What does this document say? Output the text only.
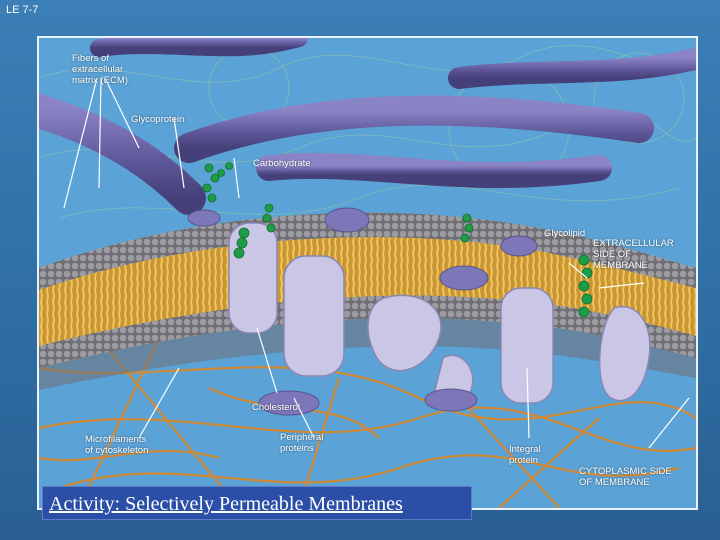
LE 7-7
Fibers of
extracellular
matrix (ECM)
Glycoprotein
Carbohydrate
Glycolipid
EXTRACELLULAR
SIDE OF
MEMBRANE
Cholesterol
Microfilaments
of cytoskeleton
Peripheral
proteins	Integral
protein
CYTOPLASMIC SIDE
OF MEMBRANE
Activity: Selectively Permeable Membranes
